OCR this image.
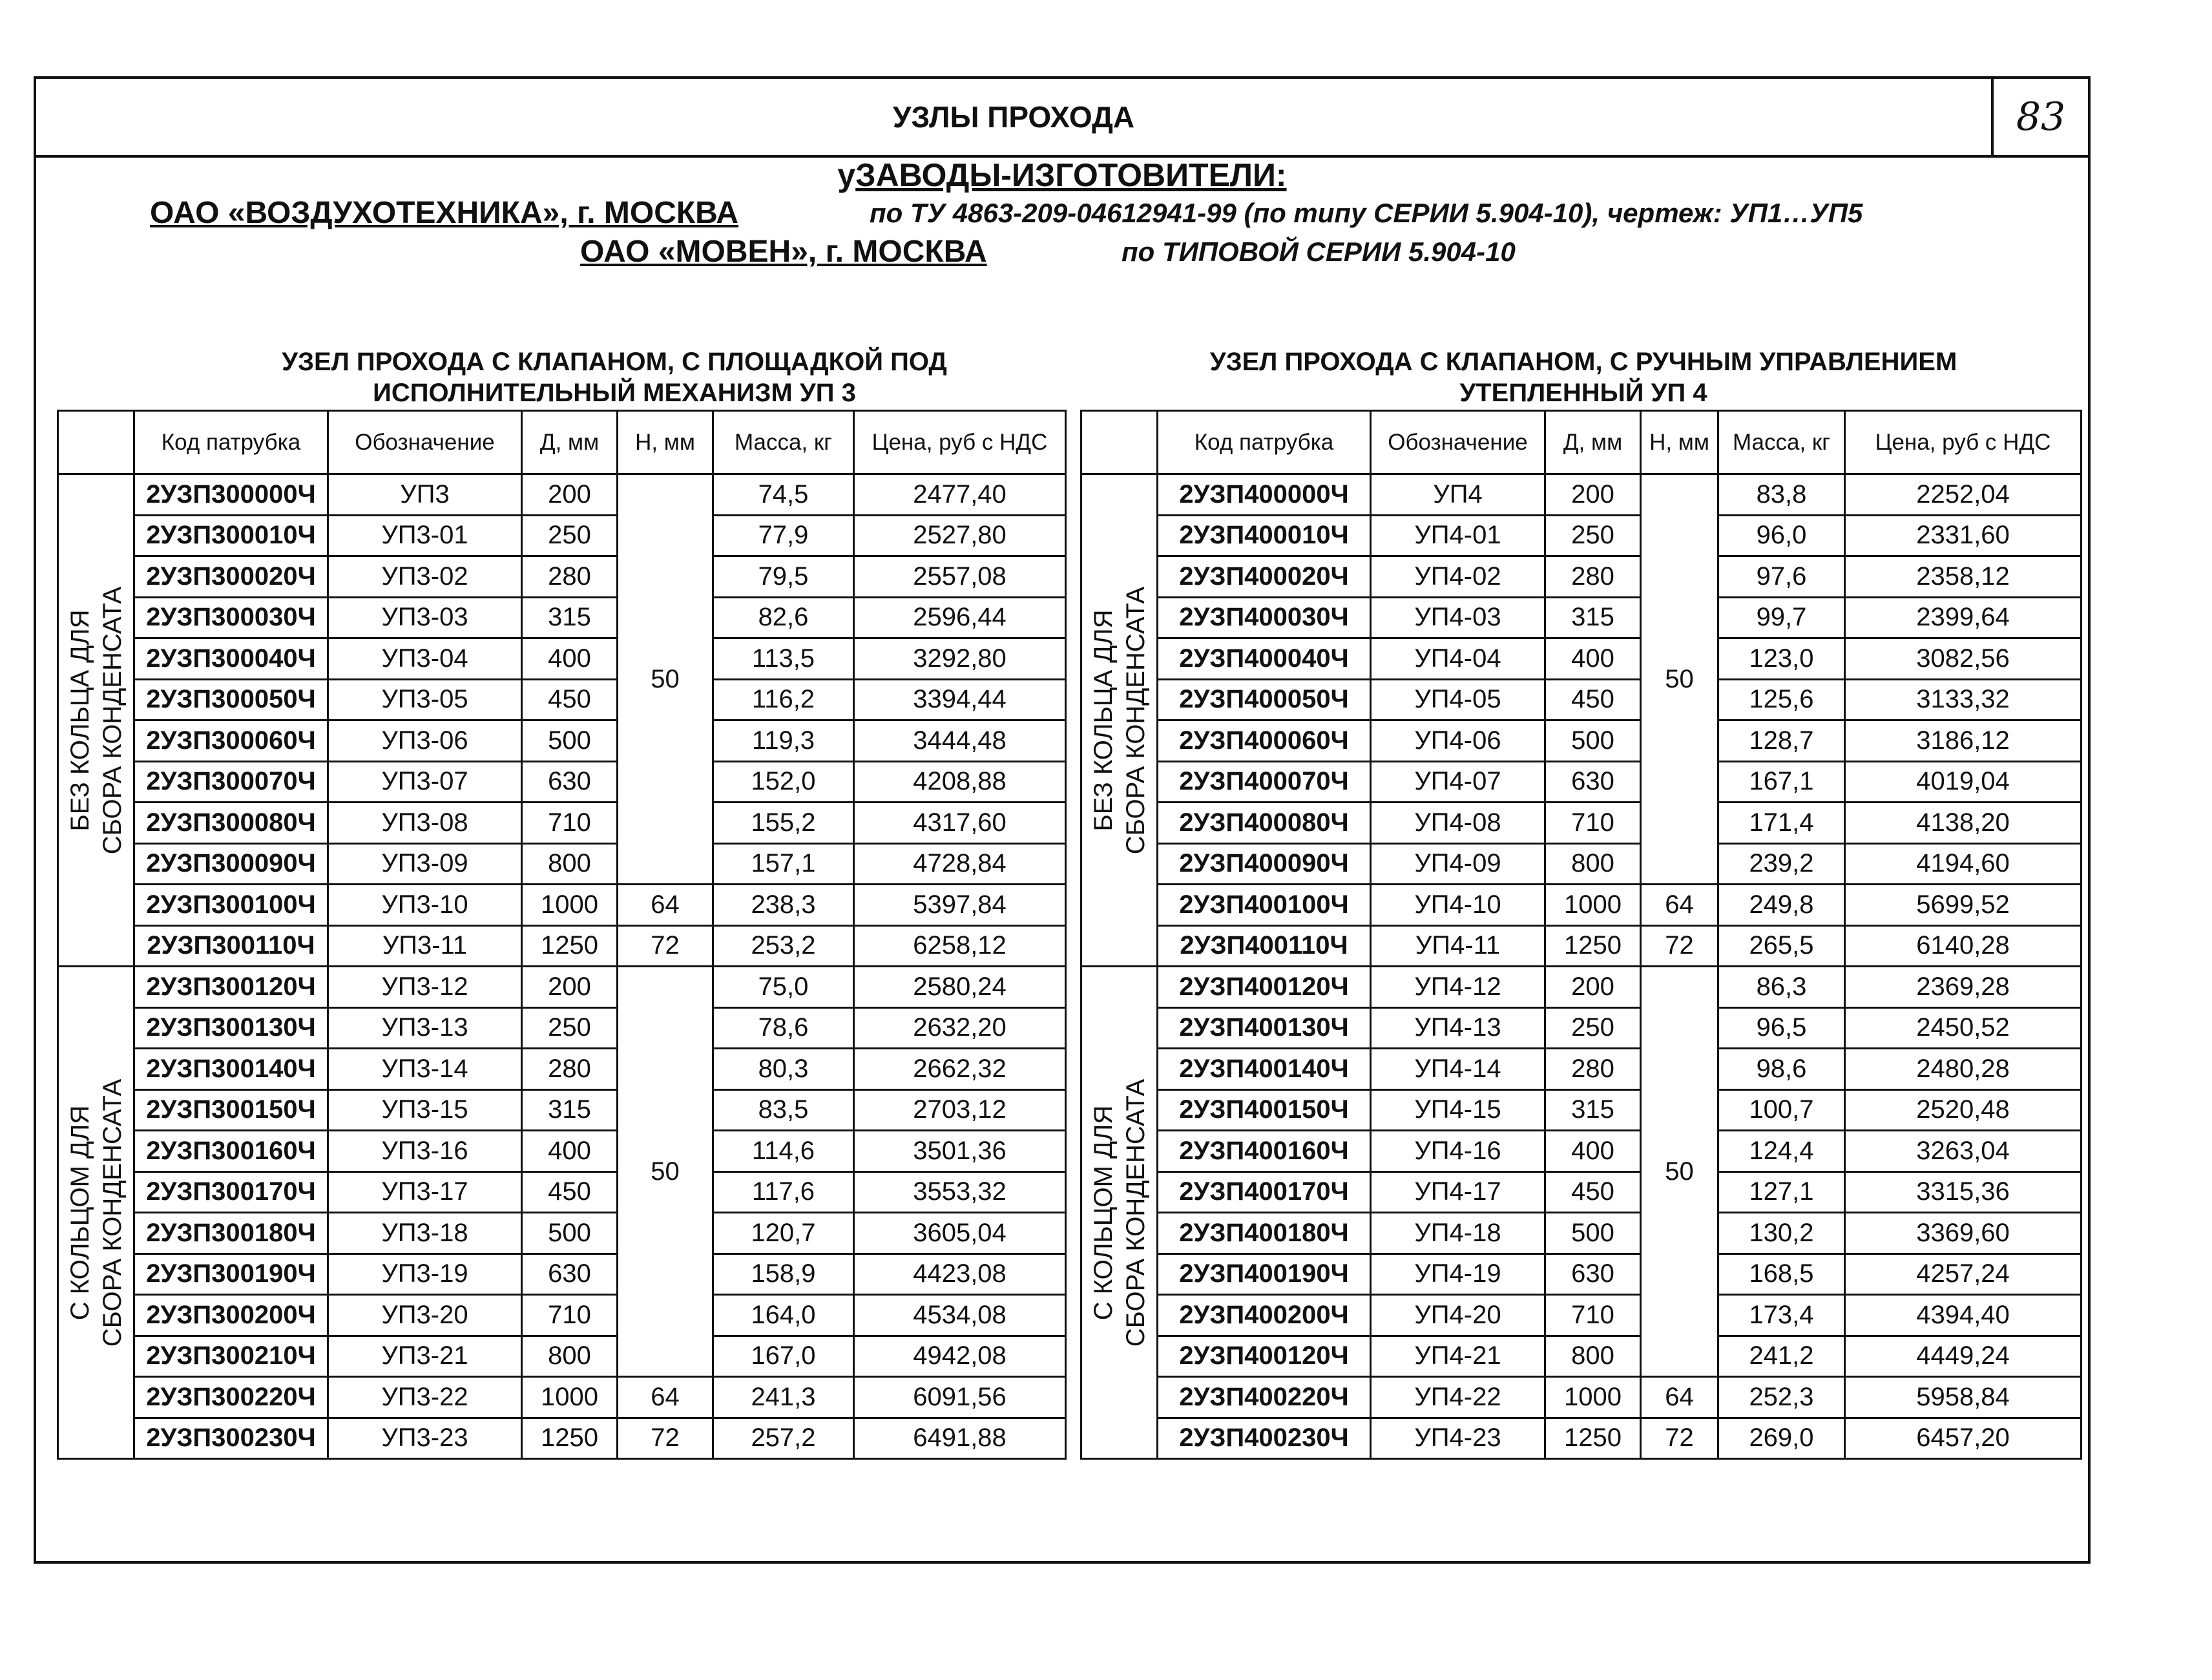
УЗЛЫ ПРОХОДА	83
уЗАВОДЫ-ИЗГОТОВИТЕЛИ:
ОАО «ВОЗДУХОТЕХНИКА», г. МОСКВА	по ТУ 4863-209-04612941-99 (по типу СЕРИИ 5.904-10), чертеж: УП1…УП5
ОАО «МОВЕН», г. МОСКВА	по ТИПОВОЙ СЕРИИ 5.904-10
УЗЕЛ ПРОХОДА С КЛАПАНОМ, С ПЛОЩАДКОЙ ПОД
ИСПОЛНИТЕЛЬНЫЙ МЕХАНИЗМ УП 3
УЗЕЛ ПРОХОДА С КЛАПАНОМ, С РУЧНЫМ УПРАВЛЕНИЕМ
УТЕПЛЕННЫЙ УП 4
	Код патрубка	Обозначение	Д, мм	Н, мм	Масса, кг	Цена, руб с НДС

БЕЗ КОЛЬЦА ДЛЯ СБОРА КОНДЕНСАТА	2УЗП300000Ч	УП3	200	50	74,5	2477,40
	2УЗП300010Ч	УП3-01	250		77,9	2527,80
	2УЗП300020Ч	УП3-02	280		79,5	2557,08
	2УЗП300030Ч	УП3-03	315		82,6	2596,44
	2УЗП300040Ч	УП3-04	400		113,5	3292,80
	2УЗП300050Ч	УП3-05	450		116,2	3394,44
	2УЗП300060Ч	УП3-06	500		119,3	3444,48
	2УЗП300070Ч	УП3-07	630		152,0	4208,88
	2УЗП300080Ч	УП3-08	710		155,2	4317,60
	2УЗП300090Ч	УП3-09	800		157,1	4728,84
	2УЗП300100Ч	УП3-10	1000	64	238,3	5397,84
	2УЗП300110Ч	УП3-11	1250	72	253,2	6258,12

С КОЛЬЦОМ ДЛЯ СБОРА КОНДЕНСАТА	2УЗП300120Ч	УП3-12	200	50	75,0	2580,24
	2УЗП300130Ч	УП3-13	250		78,6	2632,20
	2УЗП300140Ч	УП3-14	280		80,3	2662,32
	2УЗП300150Ч	УП3-15	315		83,5	2703,12
	2УЗП300160Ч	УП3-16	400		114,6	3501,36
	2УЗП300170Ч	УП3-17	450		117,6	3553,32
	2УЗП300180Ч	УП3-18	500		120,7	3605,04
	2УЗП300190Ч	УП3-19	630		158,9	4423,08
	2УЗП300200Ч	УП3-20	710		164,0	4534,08
	2УЗП300210Ч	УП3-21	800		167,0	4942,08
	2УЗП300220Ч	УП3-22	1000	64	241,3	6091,56
	2УЗП300230Ч	УП3-23	1250	72	257,2	6491,88
	Код патрубка	Обозначение	Д, мм	Н, мм	Масса, кг	Цена, руб с НДС

БЕЗ КОЛЬЦА ДЛЯ СБОРА КОНДЕНСАТА	2УЗП400000Ч	УП4	200	50	83,8	2252,04
	2УЗП400010Ч	УП4-01	250		96,0	2331,60
	2УЗП400020Ч	УП4-02	280		97,6	2358,12
	2УЗП400030Ч	УП4-03	315		99,7	2399,64
	2УЗП400040Ч	УП4-04	400		123,0	3082,56
	2УЗП400050Ч	УП4-05	450		125,6	3133,32
	2УЗП400060Ч	УП4-06	500		128,7	3186,12
	2УЗП400070Ч	УП4-07	630		167,1	4019,04
	2УЗП400080Ч	УП4-08	710		171,4	4138,20
	2УЗП400090Ч	УП4-09	800		239,2	4194,60
	2УЗП400100Ч	УП4-10	1000	64	249,8	5699,52
	2УЗП400110Ч	УП4-11	1250	72	265,5	6140,28

С КОЛЬЦОМ ДЛЯ СБОРА КОНДЕНСАТА	2УЗП400120Ч	УП4-12	200	50	86,3	2369,28
	2УЗП400130Ч	УП4-13	250		96,5	2450,52
	2УЗП400140Ч	УП4-14	280		98,6	2480,28
	2УЗП400150Ч	УП4-15	315		100,7	2520,48
	2УЗП400160Ч	УП4-16	400		124,4	3263,04
	2УЗП400170Ч	УП4-17	450		127,1	3315,36
	2УЗП400180Ч	УП4-18	500		130,2	3369,60
	2УЗП400190Ч	УП4-19	630		168,5	4257,24
	2УЗП400200Ч	УП4-20	710		173,4	4394,40
	2УЗП400120Ч	УП4-21	800		241,2	4449,24
	2УЗП400220Ч	УП4-22	1000	64	252,3	5958,84
	2УЗП400230Ч	УП4-23	1250	72	269,0	6457,20
